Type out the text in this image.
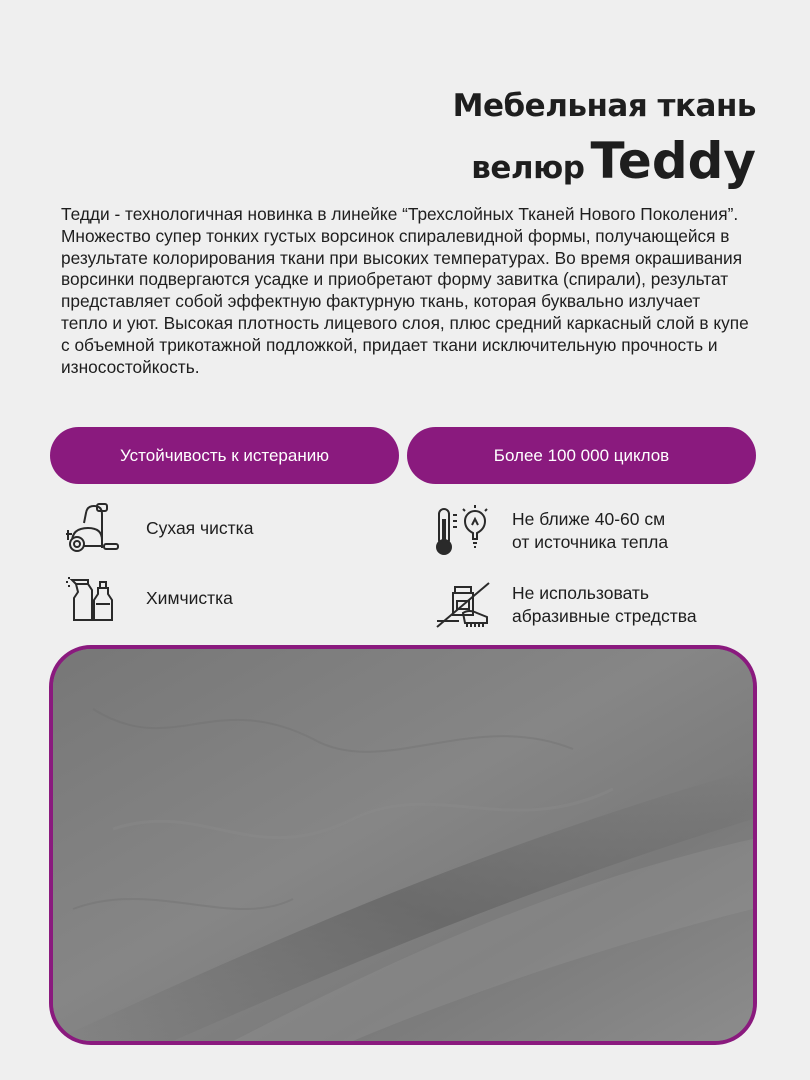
Мебельная ткань
велюр Teddy
Тедди - технологичная новинка в линейке “Трехслойных Тканей Нового Поколения”. Множество супер тонких густых ворсинок спиралевидной формы, получающейся в результате колорирования ткани при высоких температурах. Во время окрашивания ворсинки подвергаются усадке и приобретают форму завитка (спирали), результат представляет собой эффектную фактурную ткань, которая буквально излучает тепло и уют. Высокая плотность лицевого слоя, плюс средний каркасный слой в купе с объемной трикотажной подложкой, придает ткани исключительную прочность и износостойкость.
Устойчивость к истеранию	Более 100 000 циклов
Сухая чистка	Не ближе 40-60 см
от источника тепла
Химчистка	Не использовать
абразивные стредства
